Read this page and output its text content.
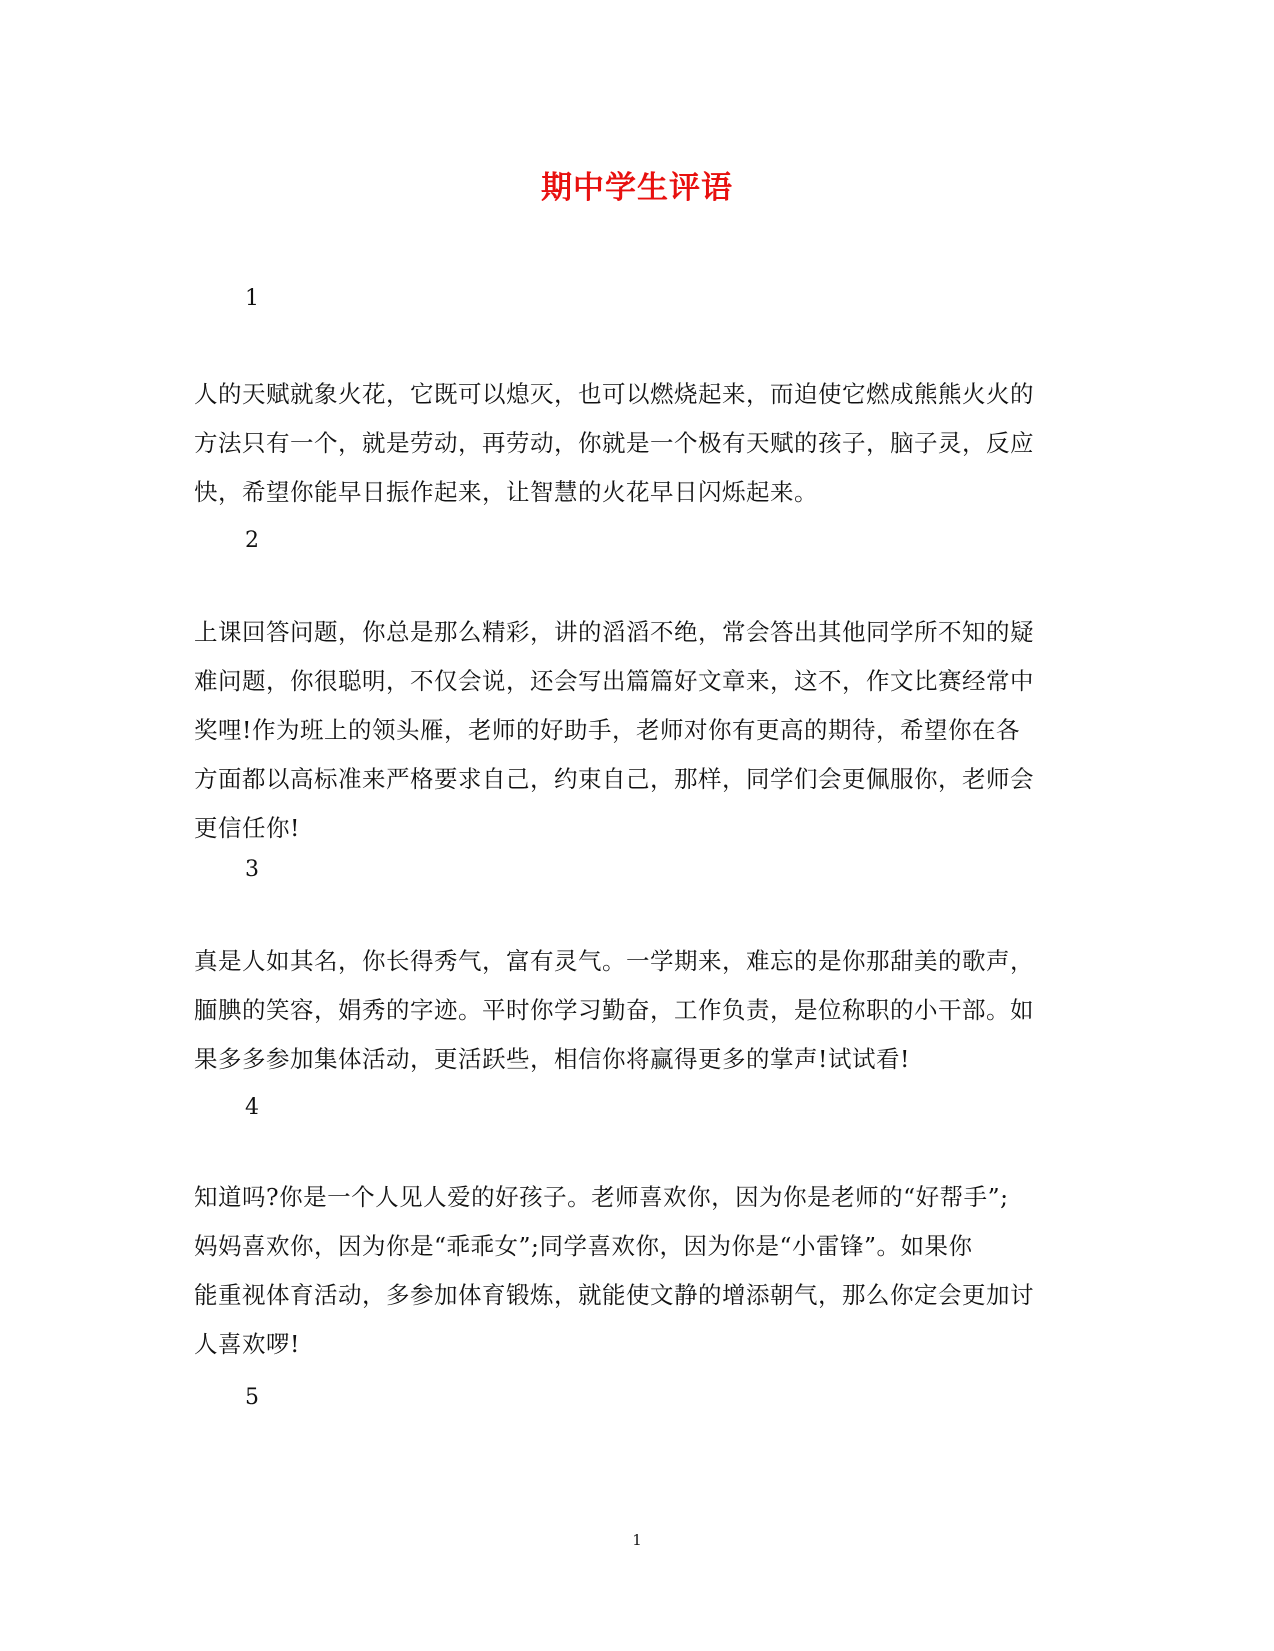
期中学生评语
1
人的天赋就象火花，它既可以熄灭，也可以燃烧起来，而迫使它燃成熊熊火火的
方法只有一个，就是劳动，再劳动，你就是一个极有天赋的孩子，脑子灵，反应
快，希望你能早日振作起来，让智慧的火花早日闪烁起来。
2
上课回答问题，你总是那么精彩，讲的滔滔不绝，常会答出其他同学所不知的疑
难问题，你很聪明，不仅会说，还会写出篇篇好文章来，这不，作文比赛经常中
奖哩!作为班上的领头雁，老师的好助手，老师对你有更高的期待，希望你在各
方面都以高标准来严格要求自己，约束自己，那样，同学们会更佩服你，老师会
更信任你!
3
真是人如其名，你长得秀气，富有灵气。一学期来，难忘的是你那甜美的歌声，
腼腆的笑容，娟秀的字迹。平时你学习勤奋，工作负责，是位称职的小干部。如
果多多参加集体活动，更活跃些，相信你将赢得更多的掌声!试试看!
4
知道吗?你是一个人见人爱的好孩子。老师喜欢你，因为你是老师的“好帮手”;
妈妈喜欢你，因为你是“乖乖女”;同学喜欢你，因为你是“小雷锋”。如果你
能重视体育活动，多参加体育锻炼，就能使文静的增添朝气，那么你定会更加讨
人喜欢啰!
5
1
